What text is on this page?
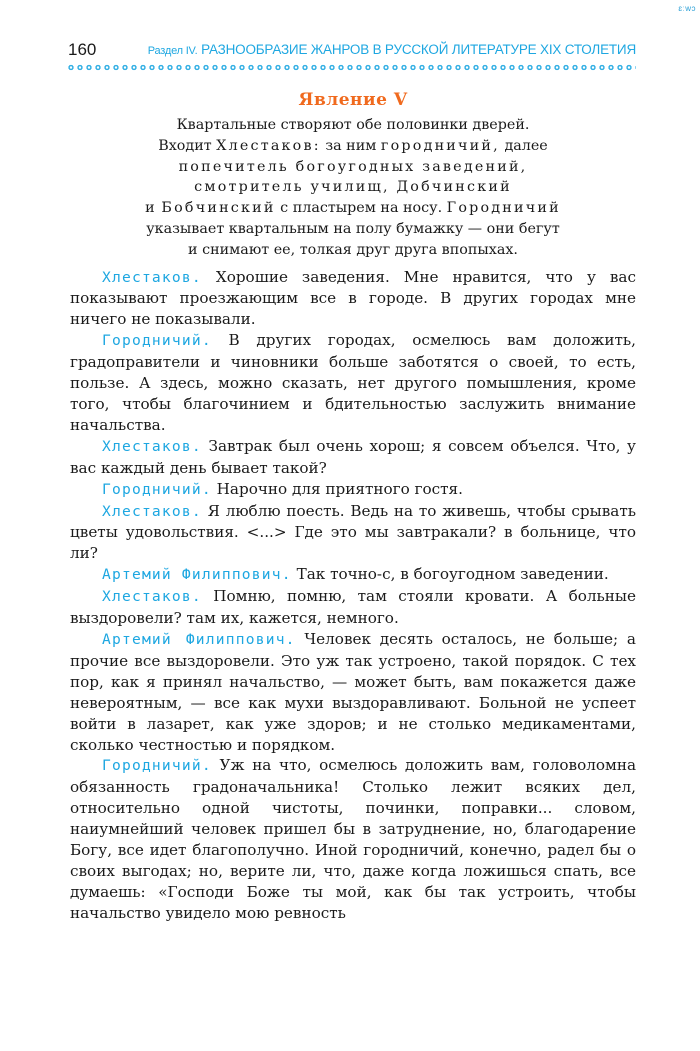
ɛːwɔ
160	Раздел IV. РАЗНООБРАЗИЕ ЖАНРОВ В РУССКОЙ ЛИТЕРАТУРЕ XIX СТОЛЕТИЯ
Явление V
Квартальные створяют обе половинки дверей.
Входит Хлестаков: за ним городничий, далее
попечитель богоугодных заведений,
смотритель училищ, Добчинский
и Бобчинский с пластырем на носу. Городничий
указывает квартальным на полу бумажку — они бегут
и снимают ее, толкая друг друга впопыхах.

Хлестаков. Хорошие заведения. Мне нравится, что у вас показывают проезжающим все в городе. В других городах мне ничего не показывали.

Городничий. В других городах, осмелюсь вам доложить, градоправители и чиновники больше заботятся о своей, то есть, пользе. А здесь, можно сказать, нет другого помышления, кроме того, чтобы благочинием и бдительностью заслужить внимание начальства.

Хлестаков. Завтрак был очень хорош; я совсем объелся. Что, у вас каждый день бывает такой?

Городничий. Нарочно для приятного гостя.

Хлестаков. Я люблю поесть. Ведь на то живешь, чтобы срывать цветы удовольствия. <...> Где это мы завтракали? в больнице, что ли?

Артемий Филиппович. Так точно-с, в богоугодном заведении.

Хлестаков. Помню, помню, там стояли кровати. А больные выздоровели? там их, кажется, немного.

Артемий Филиппович. Человек десять осталось, не больше; а прочие все выздоровели. Это уж так устроено, такой порядок. С тех пор, как я принял начальство, — может быть, вам покажется даже невероятным, — все как мухи выздоравливают. Больной не успеет войти в лазарет, как уже здоров; и не столько медикаментами, сколько честностью и порядком.

Городничий. Уж на что, осмелюсь доложить вам, головоломна обязанность градоначальника! Столько лежит всяких дел, относительно одной чистоты, починки, поправки... словом, наиумнейший человек пришел бы в затруднение, но, благодарение Богу, все идет благополучно. Иной городничий, конечно, радел бы о своих выгодах; но, верите ли, что, даже когда ложишься спать, все думаешь: «Господи Боже ты мой, как бы так устроить, чтобы начальство увидело мою ревность
